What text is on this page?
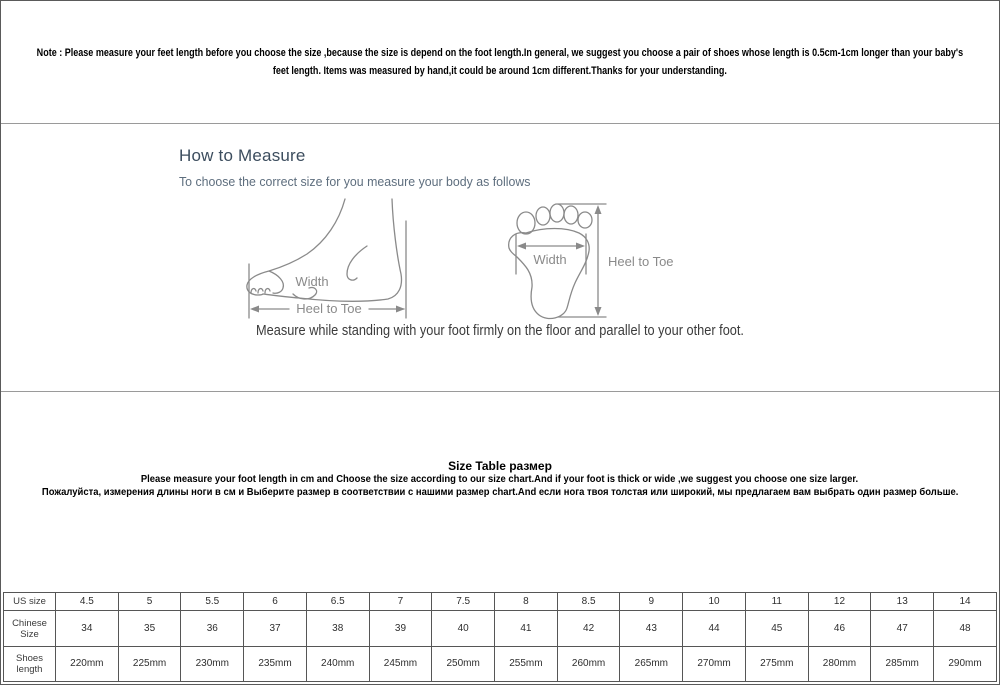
Note : Please measure your feet length before you choose the size ,because the size is depend on the foot length.In general, we suggest you choose a pair of shoes whose length is 0.5cm-1cm longer than your baby's
feet length. Items was measured by hand,it could be around 1cm different.Thanks for your understanding.
How to Measure
To choose the correct size for you measure your body as follows
Width
Heel to Toe
Width	Heel to Toe
Measure while standing with your foot firmly on the floor and parallel to your other foot.
Size Table размер
Please measure your foot length in cm and Choose the size according to our size chart.And if your foot is thick or wide ,we suggest you choose one size larger.
Пожалуйста, измерения длины ноги в см и Выберите размер в соответствии с нашими размер chart.And если нога твоя толстая или широкий, мы предлагаем вам выбрать один размер больше.
US size	4.5	5	5.5	6	6.5	7	7.5	8	8.5	9	10	11	12	13	14
Chinese Size	34	35	36	37	38	39	40	41	42	43	44	45	46	47	48
Shoes length	220mm	225mm	230mm	235mm	240mm	245mm	250mm	255mm	260mm	265mm	270mm	275mm	280mm	285mm	290mm
